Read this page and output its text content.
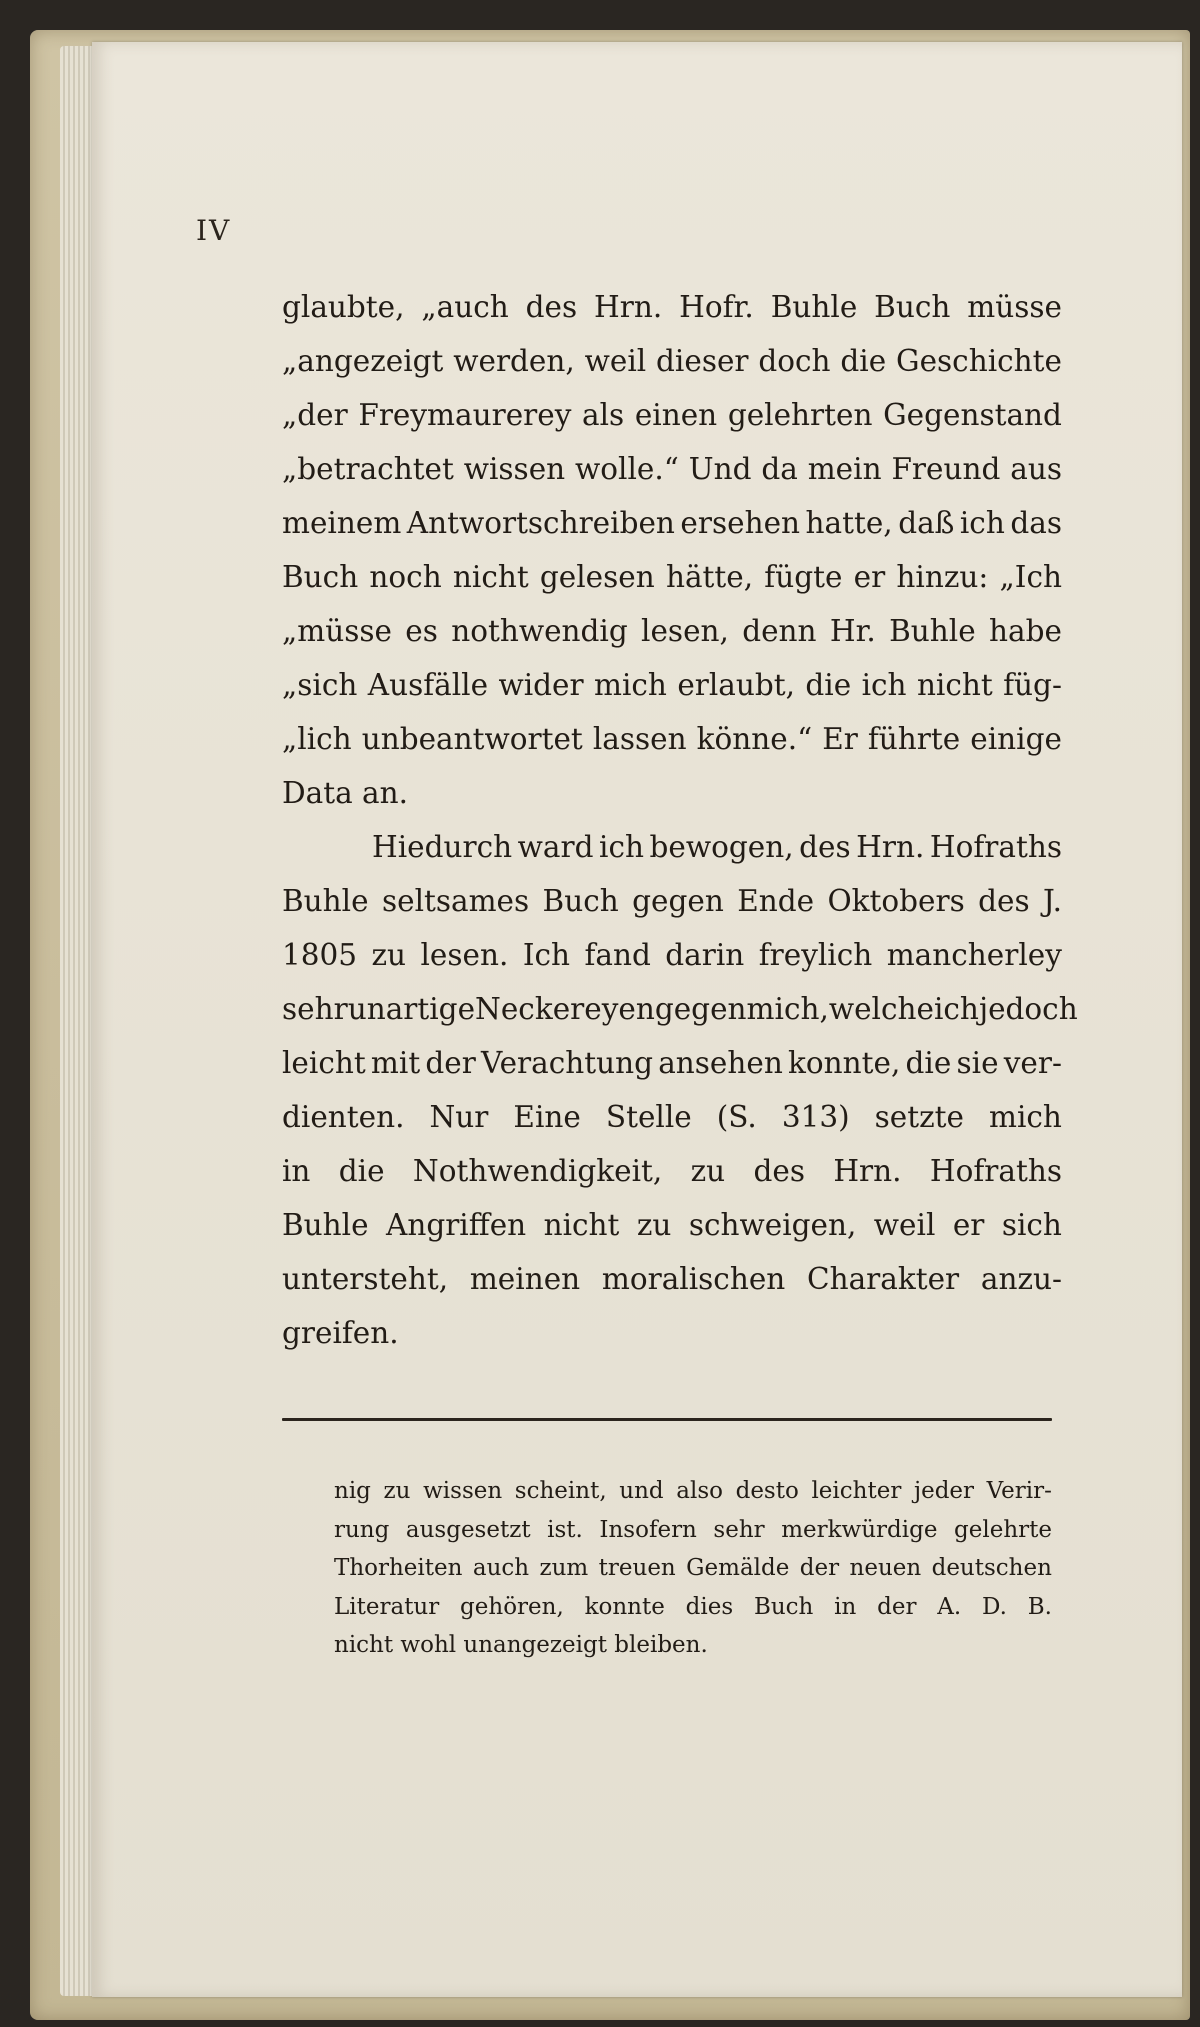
IV
glaubte, „auch des Hrn. Hofr. Buhle Buch müsse
„angezeigt werden, weil dieser doch die Geschichte
„der Freymaurerey als einen gelehrten Gegenstand
„betrachtet wissen wolle.“ Und da mein Freund aus
meinem Antwortschreiben ersehen hatte, daß ich das
Buch noch nicht gelesen hätte, fügte er hinzu: „Ich
„müsse es nothwendig lesen, denn Hr. Buhle habe
„sich Ausfälle wider mich erlaubt, die ich nicht füg-
„lich unbeantwortet lassen könne.“ Er führte einige
Data an.
Hiedurch ward ich bewogen, des Hrn. Hofraths
Buhle seltsames Buch gegen Ende Oktobers des J.
1805 zu lesen. Ich fand darin freylich mancherley
sehr unartige Neckereyen gegen mich, welche ich jedoch
leicht mit der Verachtung ansehen konnte, die sie ver-
dienten. Nur Eine Stelle (S. 313) setzte mich
in die Nothwendigkeit, zu des Hrn. Hofraths
Buhle Angriffen nicht zu schweigen, weil er sich
untersteht, meinen moralischen Charakter anzu-
greifen.
nig zu wissen scheint, und also desto leichter jeder Verir-
rung ausgesetzt ist. Insofern sehr merkwürdige gelehrte
Thorheiten auch zum treuen Gemälde der neuen deutschen
Literatur gehören, konnte dies Buch in der A. D. B.
nicht wohl unangezeigt bleiben.
